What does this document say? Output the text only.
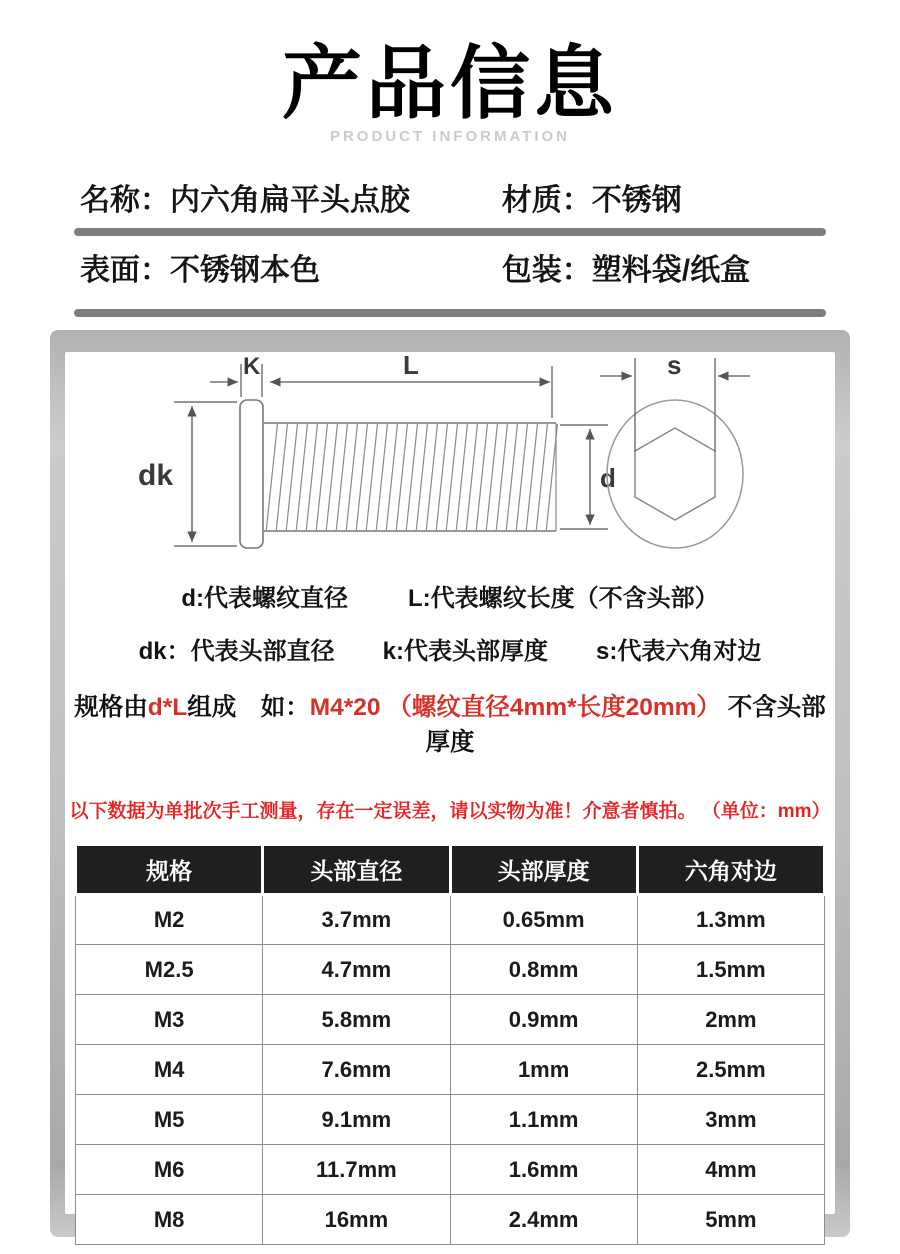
产品信息
PRODUCT INFORMATION
名称：内六角扁平头点胶	材质：不锈钢
表面：不锈钢本色	包装：塑料袋/纸盒
dk
K	L
d
s
d:代表螺纹直径	L:代表螺纹长度（不含头部）
dk：代表头部直径 k:代表头部厚度 s:代表六角对边
规格由d*L组成　如：M4*20 （螺纹直径4mm*长度20mm） 不含头部厚度
以下数据为单批次手工测量，存在一定误差，请以实物为准！介意者慎拍。 （单位：mm）
规格	头部直径	头部厚度	六角对边
M2	3.7mm	0.65mm	1.3mm
M2.5	4.7mm	0.8mm	1.5mm
M3	5.8mm	0.9mm	2mm
M4	7.6mm	1mm	2.5mm
M5	9.1mm	1.1mm	3mm
M6	11.7mm	1.6mm	4mm
M8	16mm	2.4mm	5mm
